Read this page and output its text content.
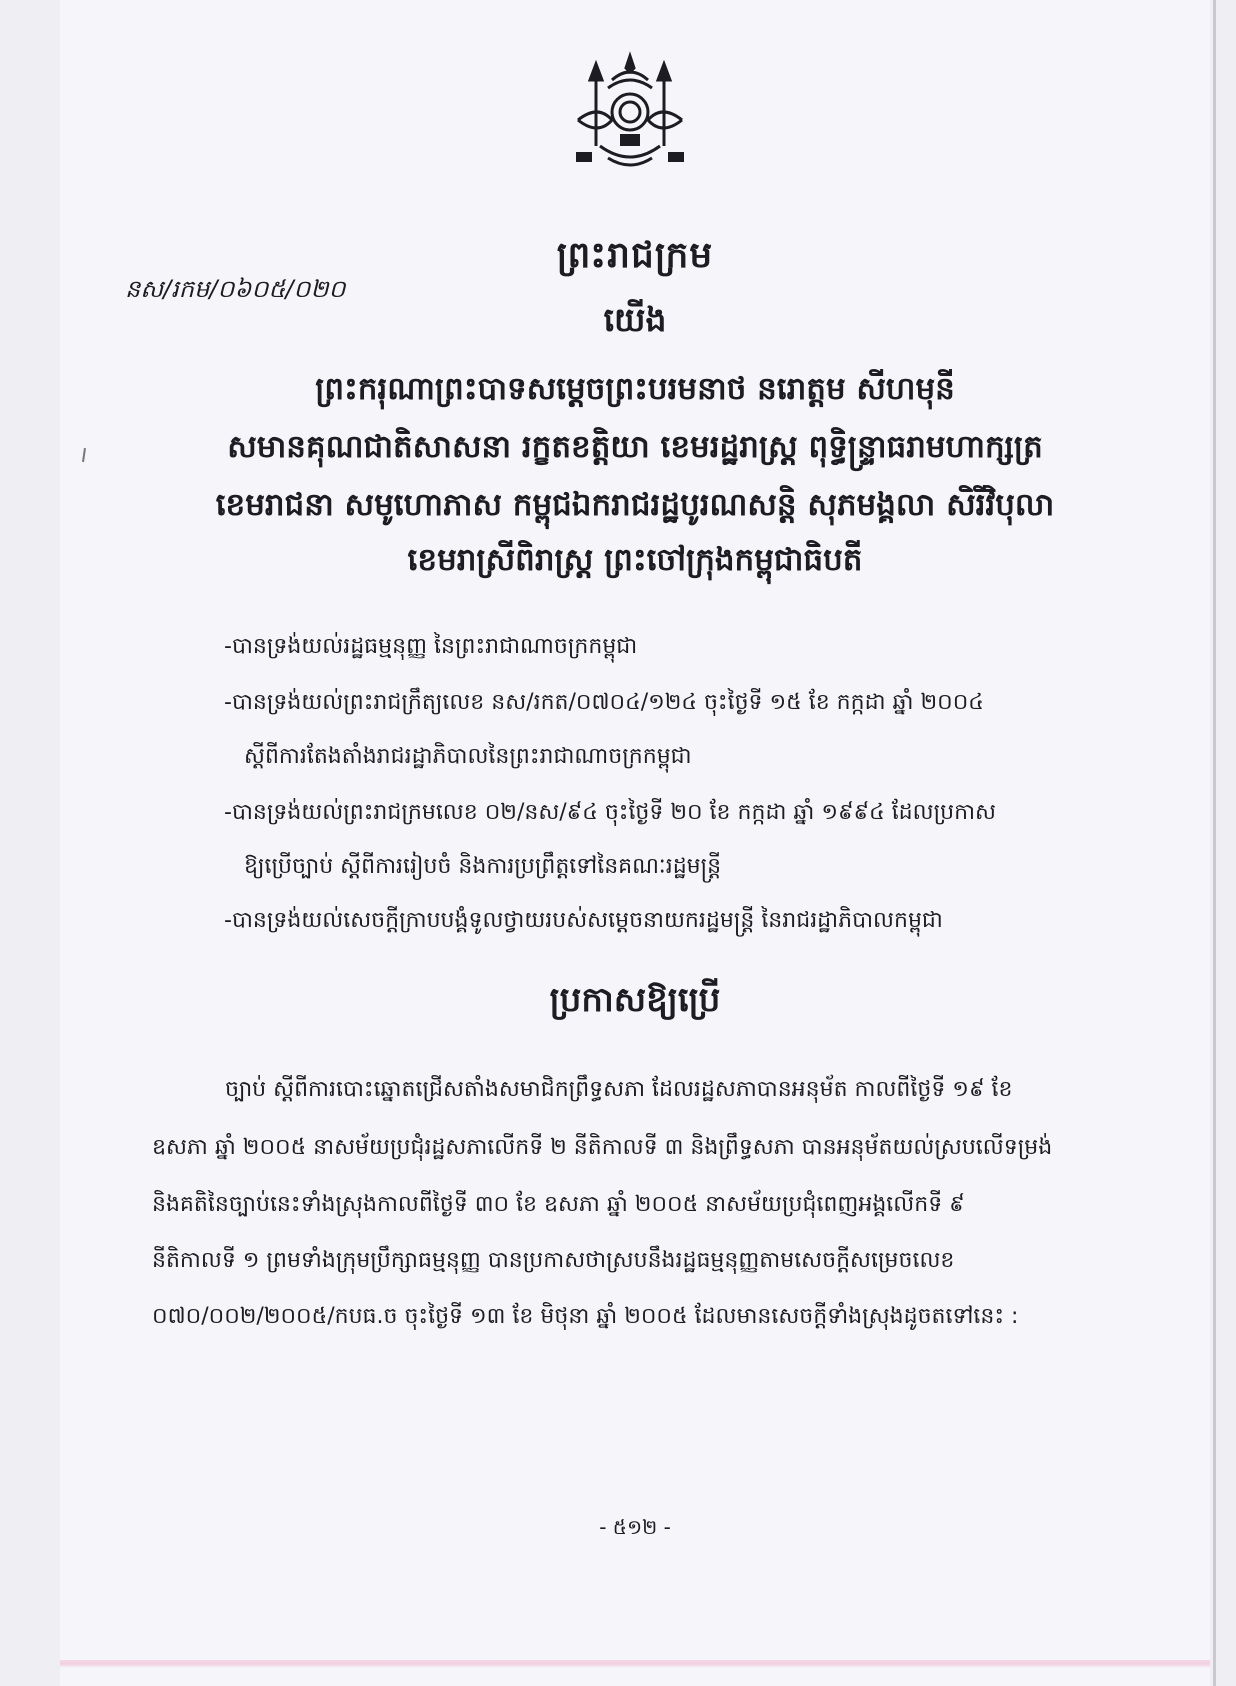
ព្រះរាជក្រម
នស/រកម/០៦០៥/០២០
យើង
ព្រះករុណាព្រះបាទសម្តេចព្រះបរមនាថ នរោត្តម សីហមុនី
សមានគុណជាតិសាសនា រក្ខតខត្តិយា ខេមរដ្ឋរាស្ត្រ ពុទ្ធិន្ទ្រាធរាមហាក្សត្រ
ខេមរាជនា សមូហោភាស កម្ពុជឯករាជរដ្ឋបូរណសន្តិ សុភមង្គលា សិរីវិបុលា
ខេមរាស្រីពិរាស្ត្រ ព្រះចៅក្រុងកម្ពុជាធិបតី
-បានទ្រង់យល់រដ្ឋធម្មនុញ្ញ នៃព្រះរាជាណាចក្រកម្ពុជា
-បានទ្រង់យល់ព្រះរាជក្រឹត្យលេខ នស/រកត/០៧០៤/១២៤ ចុះថ្ងៃទី ១៥ ខែ កក្កដា ឆ្នាំ ២០០៤
ស្តីពីការតែងតាំងរាជរដ្ឋាភិបាលនៃព្រះរាជាណាចក្រកម្ពុជា
-បានទ្រង់យល់ព្រះរាជក្រមលេខ ០២/នស/៩៤ ចុះថ្ងៃទី ២០ ខែ កក្កដា ឆ្នាំ ១៩៩៤ ដែលប្រកាស
ឱ្យប្រើច្បាប់ ស្តីពីការរៀបចំ និងការប្រព្រឹត្តទៅនៃគណៈរដ្ឋមន្ត្រី
-បានទ្រង់យល់សេចក្តីក្រាបបង្គំទូលថ្វាយរបស់សម្តេចនាយករដ្ឋមន្ត្រី នៃរាជរដ្ឋាភិបាលកម្ពុជា
ប្រកាសឱ្យប្រើ
ច្បាប់ ស្តីពីការបោះឆ្នោតជ្រើសតាំងសមាជិកព្រឹទ្ធសភា ដែលរដ្ឋសភាបានអនុម័ត កាលពីថ្ងៃទី ១៩ ខែ
ឧសភា ឆ្នាំ ២០០៥ នាសម័យប្រជុំរដ្ឋសភាលើកទី ២ នីតិកាលទី ៣ និងព្រឹទ្ធសភា បានអនុម័តយល់ស្របលើទម្រង់
និងគតិនៃច្បាប់នេះទាំងស្រុងកាលពីថ្ងៃទី ៣០ ខែ ឧសភា ឆ្នាំ ២០០៥ នាសម័យប្រជុំពេញអង្គលើកទី ៩
នីតិកាលទី ១ ព្រមទាំងក្រុមប្រឹក្សាធម្មនុញ្ញ បានប្រកាសថាស្របនឹងរដ្ឋធម្មនុញ្ញតាមសេចក្តីសម្រេចលេខ
០៧០/០០២/២០០៥/កបធ.ច ចុះថ្ងៃទី ១៣ ខែ មិថុនា ឆ្នាំ ២០០៥ ដែលមានសេចក្តីទាំងស្រុងដូចតទៅនេះ :
- ៥១២ -
